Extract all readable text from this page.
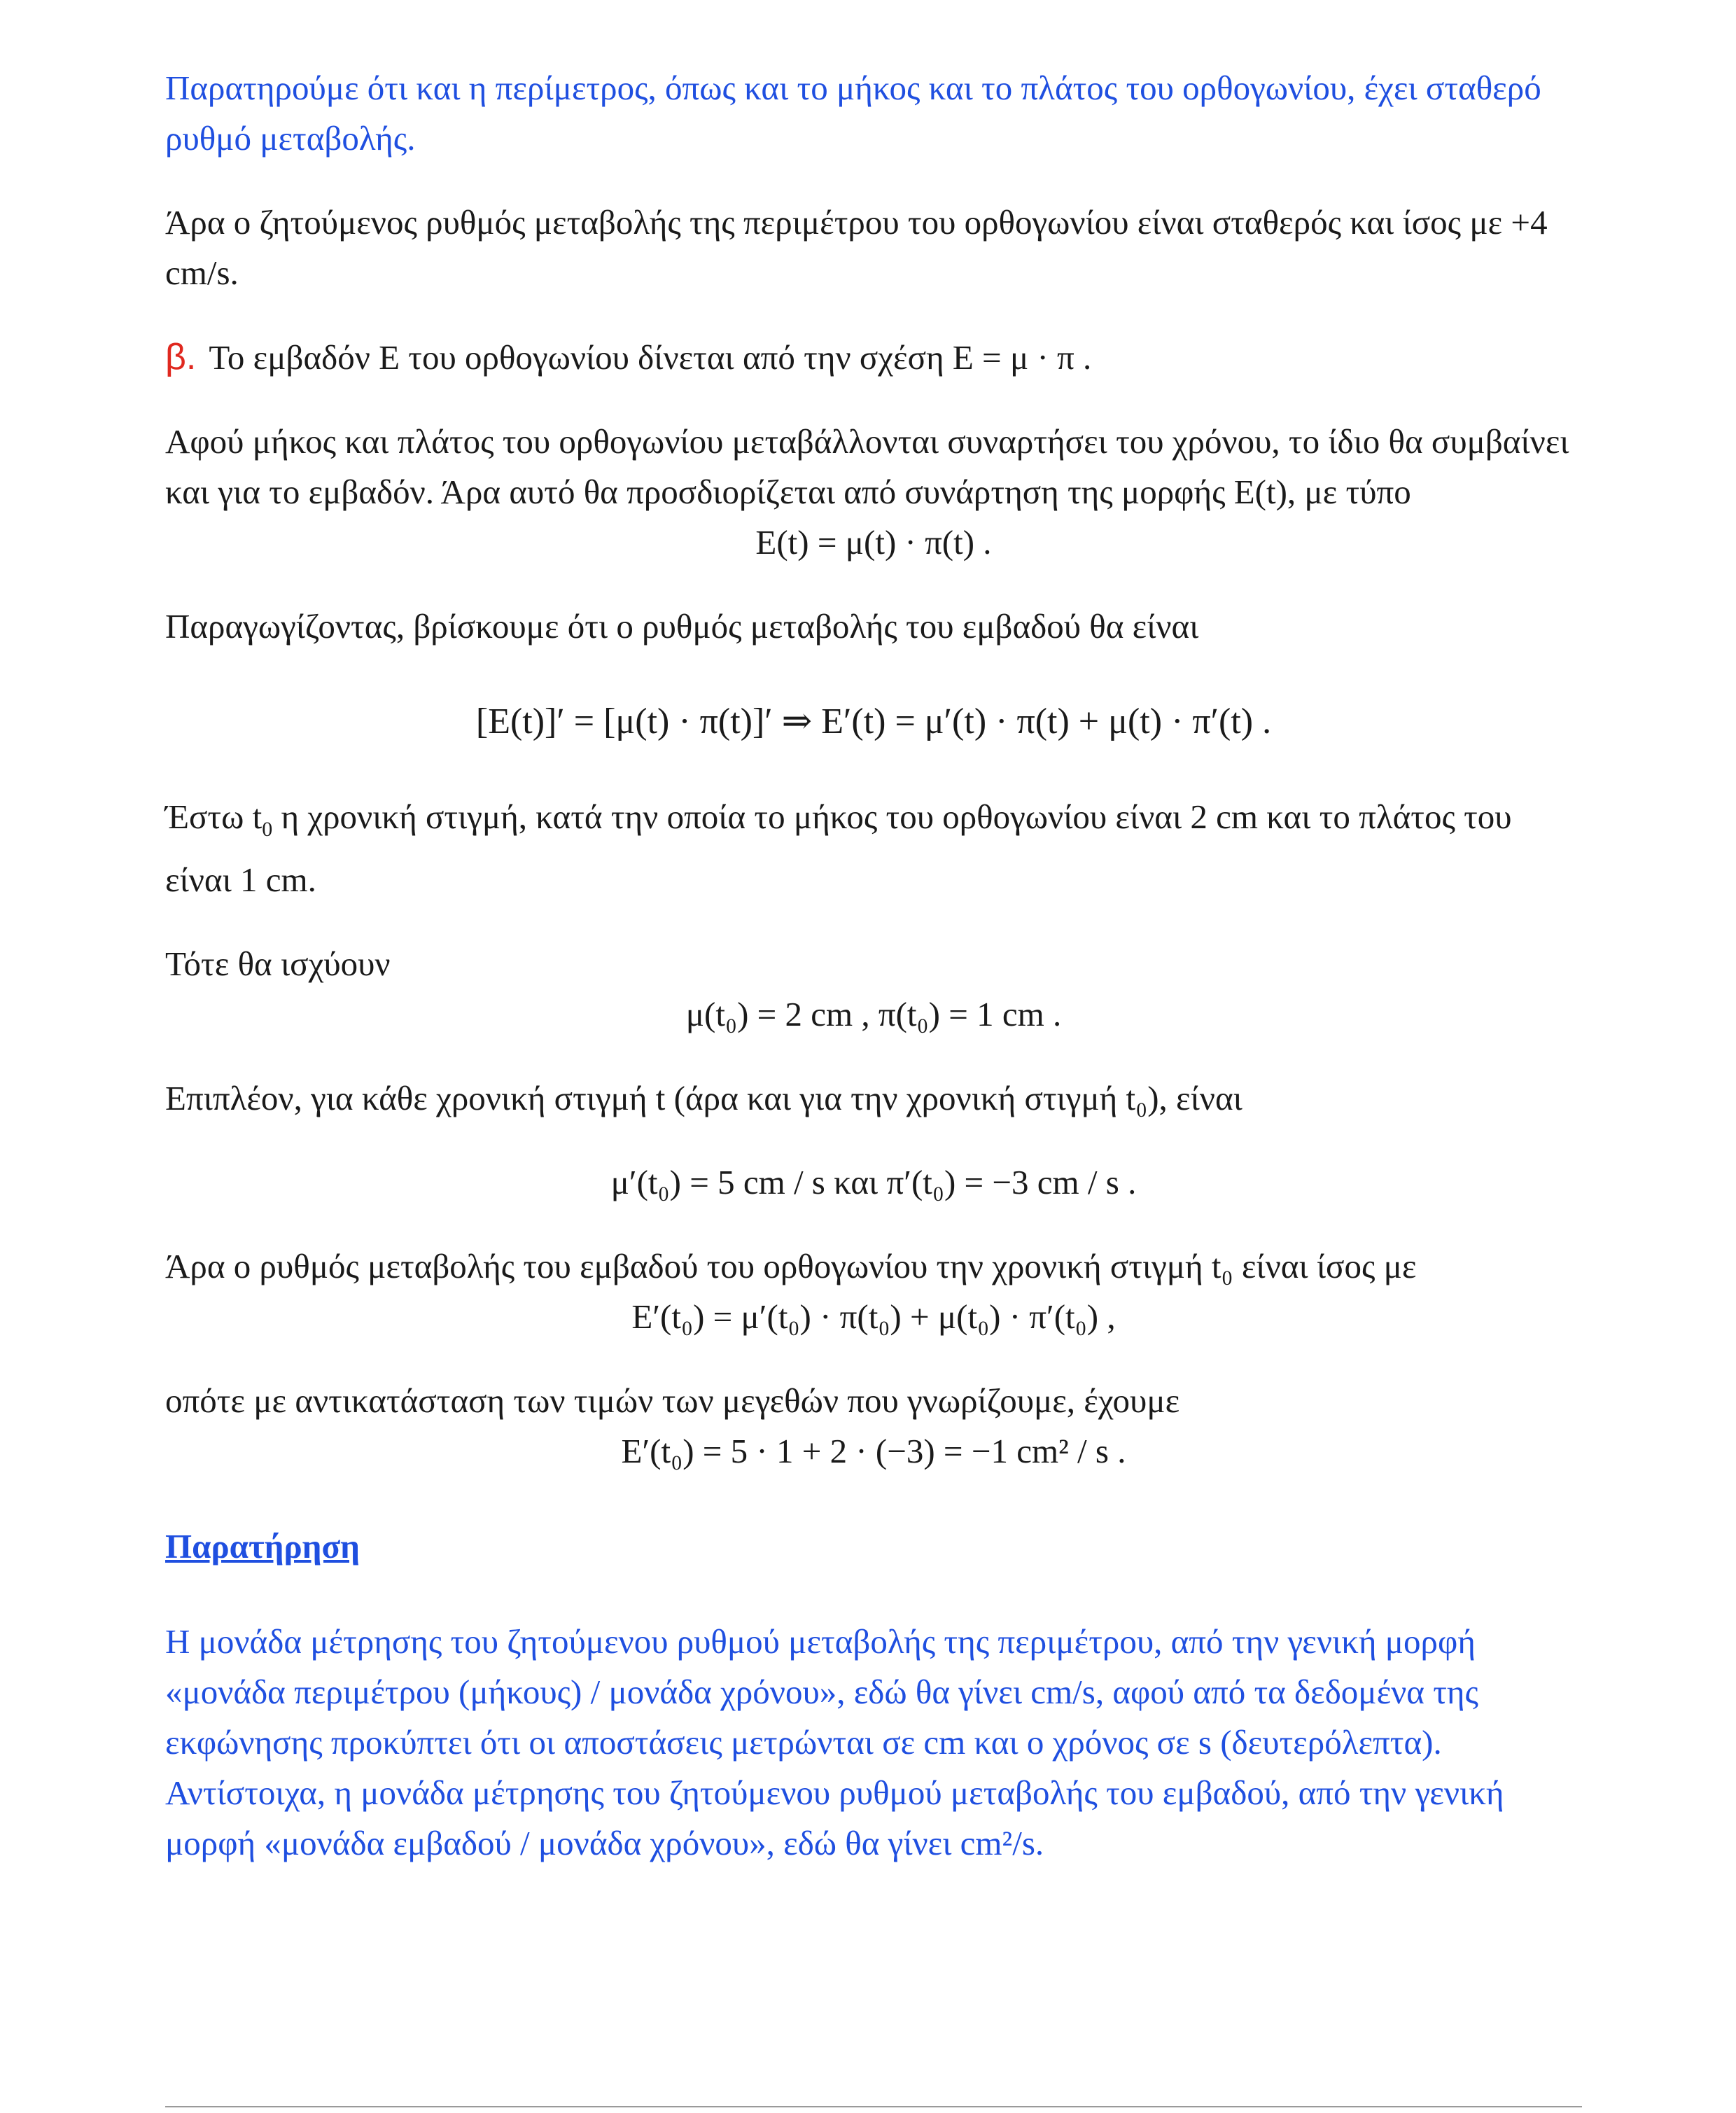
Παρατηρούμε ότι και η περίμετρος, όπως και το μήκος και το πλάτος του ορθογωνίου, έχει σταθερό ρυθμό μεταβολής.

Άρα ο ζητούμενος ρυθμός μεταβολής της περιμέτρου του ορθογωνίου είναι σταθερός και ίσος με +4 cm/s.

β. Το εμβαδόν Ε του ορθογωνίου δίνεται από την σχέση Ε = μ · π .

Αφού μήκος και πλάτος του ορθογωνίου μεταβάλλονται συναρτήσει του χρόνου, το ίδιο θα συμβαίνει και για το εμβαδόν. Άρα αυτό θα προσδιορίζεται από συνάρτηση της μορφής Ε(t), με τύπο

Ε(t) = μ(t) · π(t) .

Παραγωγίζοντας, βρίσκουμε ότι ο ρυθμός μεταβολής του εμβαδού θα είναι

[Ε(t)]′ = [μ(t) · π(t)]′ ⇒ Ε′(t) = μ′(t) · π(t) + μ(t) · π′(t) .

Έστω $t_0$ η χρονική στιγμή, κατά την οποία το μήκος του ορθογωνίου είναι 2 cm και το πλάτος του είναι 1 cm.

Τότε θα ισχύουν

μ(t₀) = 2 cm , π(t₀) = 1 cm .

Επιπλέον, για κάθε χρονική στιγμή t (άρα και για την χρονική στιγμή t₀), είναι

μ′(t₀) = 5 cm / s και π′(t₀) = −3 cm / s .

Άρα ο ρυθμός μεταβολής του εμβαδού του ορθογωνίου την χρονική στιγμή t₀ είναι ίσος με

Ε′(t₀) = μ′(t₀) · π(t₀) + μ(t₀) · π′(t₀) ,

οπότε με αντικατάσταση των τιμών των μεγεθών που γνωρίζουμε, έχουμε

Ε′(t₀) = 5 · 1 + 2 · (−3) = −1 cm² / s .

Παρατήρηση

Η μονάδα μέτρησης του ζητούμενου ρυθμού μεταβολής της περιμέτρου, από την γενική μορφή «μονάδα περιμέτρου (μήκους) / μονάδα χρόνου», εδώ θα γίνει cm/s, αφού από τα δεδομένα της εκφώνησης προκύπτει ότι οι αποστάσεις μετρώνται σε cm και ο χρόνος σε s (δευτερόλεπτα). Αντίστοιχα, η μονάδα μέτρησης του ζητούμενου ρυθμού μεταβολής του εμβαδού, από την γενική μορφή «μονάδα εμβαδού / μονάδα χρόνου», εδώ θα γίνει cm²/s.
